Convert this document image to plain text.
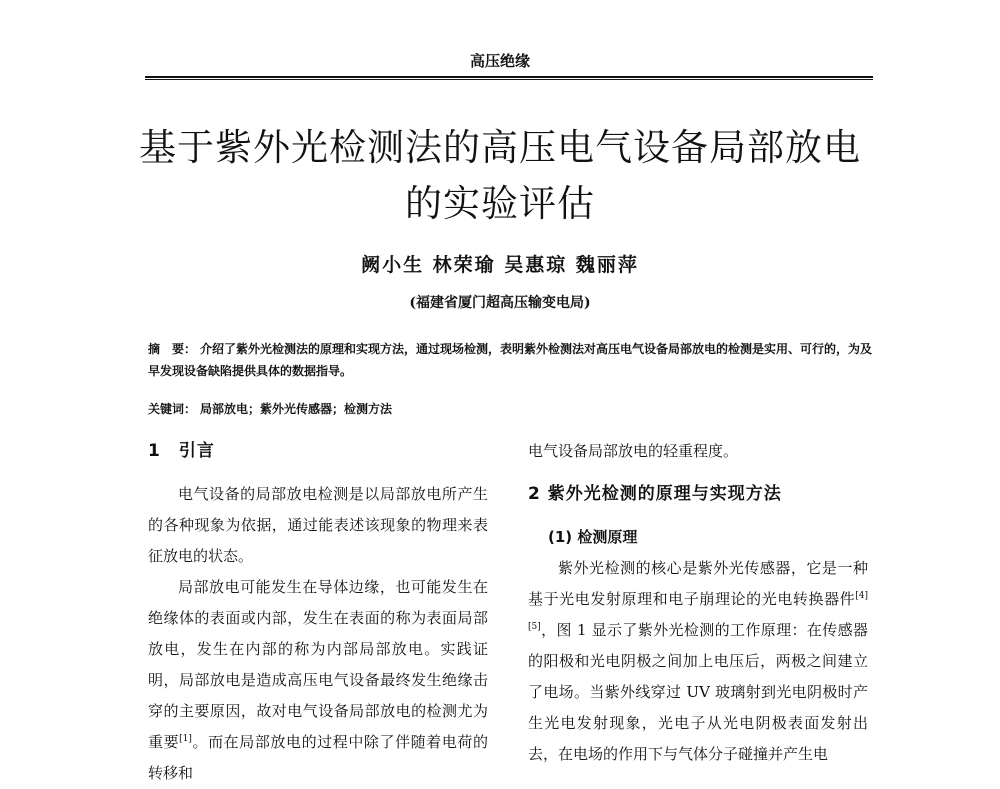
高压绝缘
基于紫外光检测法的高压电气设备局部放电
的实验评估
阙小生 林荣瑜 吴惠琼 魏丽萍
(福建省厦门超高压输变电局)
摘　要： 介绍了紫外光检测法的原理和实现方法，通过现场检测，表明紫外检测法对高压电气设备局部放电的检测是实用、可行的，为及早发现设备缺陷提供具体的数据指导。
关键词： 局部放电；紫外光传感器；检测方法
1　引言

电气设备的局部放电检测是以局部放电所产生的各种现象为依据，通过能表述该现象的物理来表征放电的状态。

局部放电可能发生在导体边缘，也可能发生在绝缘体的表面或内部，发生在表面的称为表面局部放电，发生在内部的称为内部局部放电。实践证明，局部放电是造成高压电气设备最终发生绝缘击穿的主要原因，故对电气设备局部放电的检测尤为重要[1]。而在局部放电的过程中除了伴随着电荷的转移和

电气设备局部放电的轻重程度。

2 紫外光检测的原理与实现方法
(1) 检测原理

紫外光检测的核心是紫外光传感器，它是一种基于光电发射原理和电子崩理论的光电转换器件[4][5]，图 1 显示了紫外光检测的工作原理：在传感器的阳极和光电阴极之间加上电压后，两极之间建立了电场。当紫外线穿过 UV 玻璃射到光电阴极时产生光电发射现象，光电子从光电阴极表面发射出去，在电场的作用下与气体分子碰撞并产生电
